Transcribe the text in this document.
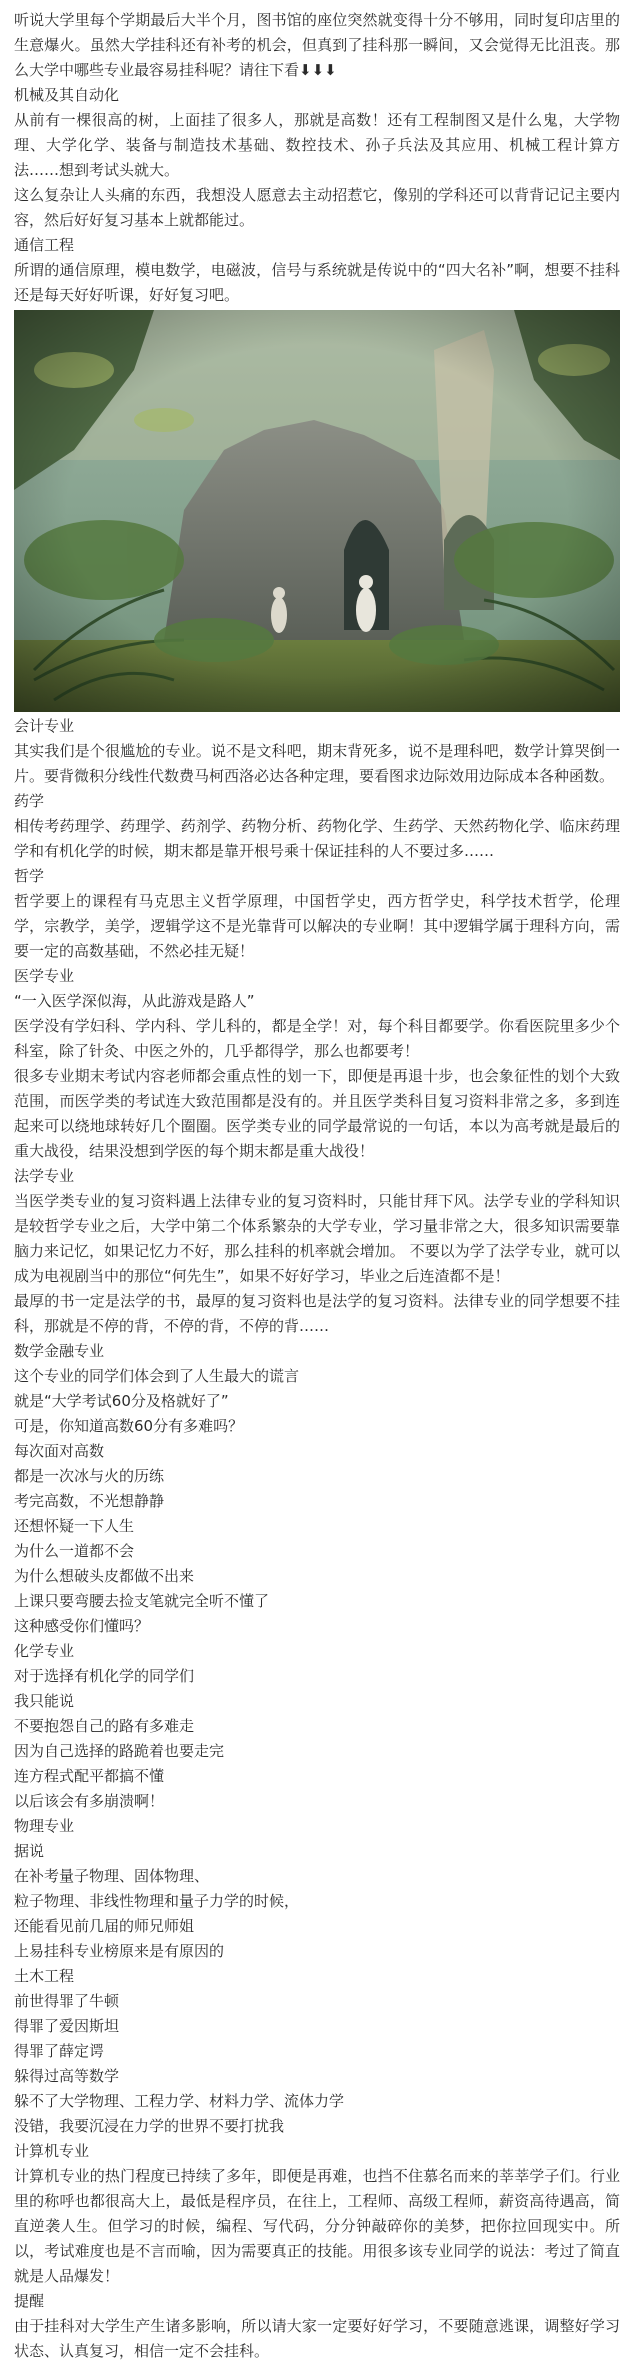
听说大学里每个学期最后大半个月，图书馆的座位突然就变得十分不够用，同时复印店里的生意爆火。虽然大学挂科还有补考的机会，但真到了挂科那一瞬间，又会觉得无比沮丧。那么大学中哪些专业最容易挂科呢？请往下看⬇⬇⬇

机械及其自动化

从前有一棵很高的树，上面挂了很多人，那就是高数！还有工程制图又是什么鬼，大学物理、大学化学、装备与制造技术基础、数控技术、孙子兵法及其应用、机械工程计算方法……想到考试头就大。

这么复杂让人头痛的东西，我想没人愿意去主动招惹它，像别的学科还可以背背记记主要内容，然后好好复习基本上就都能过。

通信工程

所谓的通信原理，模电数学，电磁波，信号与系统就是传说中的“四大名补”啊，想要不挂科还是每天好好听课，好好复习吧。

会计专业

其实我们是个很尴尬的专业。说不是文科吧，期末背死多，说不是理科吧，数学计算哭倒一片。要背微积分线性代数费马柯西洛必达各种定理，要看图求边际效用边际成本各种函数。

药学

相传考药理学、药理学、药剂学、药物分析、药物化学、生药学、天然药物化学、临床药理学和有机化学的时候，期末都是靠开根号乘十保证挂科的人不要过多……

哲学

哲学要上的课程有马克思主义哲学原理，中国哲学史，西方哲学史，科学技术哲学，伦理学，宗教学，美学，逻辑学这不是光靠背可以解决的专业啊！其中逻辑学属于理科方向，需要一定的高数基础，不然必挂无疑！

医学专业

“一入医学深似海，从此游戏是路人”

医学没有学妇科、学内科、学儿科的，都是全学！对，每个科目都要学。你看医院里多少个科室，除了针灸、中医之外的，几乎都得学，那么也都要考！

很多专业期末考试内容老师都会重点性的划一下，即便是再退十步，也会象征性的划个大致范围，而医学类的考试连大致范围都是没有的。并且医学类科目复习资料非常之多，多到连起来可以绕地球转好几个圈圈。医学类专业的同学最常说的一句话，本以为高考就是最后的重大战役，结果没想到学医的每个期末都是重大战役！

法学专业

当医学类专业的复习资料遇上法律专业的复习资料时，只能甘拜下风。法学专业的学科知识是较哲学专业之后，大学中第二个体系繁杂的大学专业，学习量非常之大，很多知识需要靠脑力来记忆，如果记忆力不好，那么挂科的机率就会增加。 不要以为学了法学专业，就可以成为电视剧当中的那位“何先生”，如果不好好学习，毕业之后连渣都不是！

最厚的书一定是法学的书，最厚的复习资料也是法学的复习资料。法律专业的同学想要不挂科，那就是不停的背，不停的背，不停的背……

数学金融专业

这个专业的同学们体会到了人生最大的谎言

就是“大学考试60分及格就好了”

可是，你知道高数60分有多难吗？

每次面对高数

都是一次冰与火的历练

考完高数，不光想静静

还想怀疑一下人生

为什么一道都不会

为什么想破头皮都做不出来

上课只要弯腰去捡支笔就完全听不懂了

这种感受你们懂吗？

化学专业

对于选择有机化学的同学们

我只能说

不要抱怨自己的路有多难走

因为自己选择的路跪着也要走完

连方程式配平都搞不懂

以后该会有多崩溃啊！

物理专业

据说

在补考量子物理、固体物理、

粒子物理、非线性物理和量子力学的时候，

还能看见前几届的师兄师姐

上易挂科专业榜原来是有原因的

土木工程

前世得罪了牛顿

得罪了爱因斯坦

得罪了薛定谔

躲得过高等数学

躲不了大学物理、工程力学、材料力学、流体力学

没错，我要沉浸在力学的世界不要打扰我

计算机专业

计算机专业的热门程度已持续了多年，即便是再难，也挡不住慕名而来的莘莘学子们。行业里的称呼也都很高大上，最低是程序员，在往上，工程师、高级工程师，薪资高待遇高，简直逆袭人生。但学习的时候，编程、写代码，分分钟敲碎你的美梦，把你拉回现实中。所以，考试难度也是不言而喻，因为需要真正的技能。用很多该专业同学的说法：考过了简直就是人品爆发！

提醒

由于挂科对大学生产生诸多影响，所以请大家一定要好好学习，不要随意逃课，调整好学习状态、认真复习，相信一定不会挂科。
